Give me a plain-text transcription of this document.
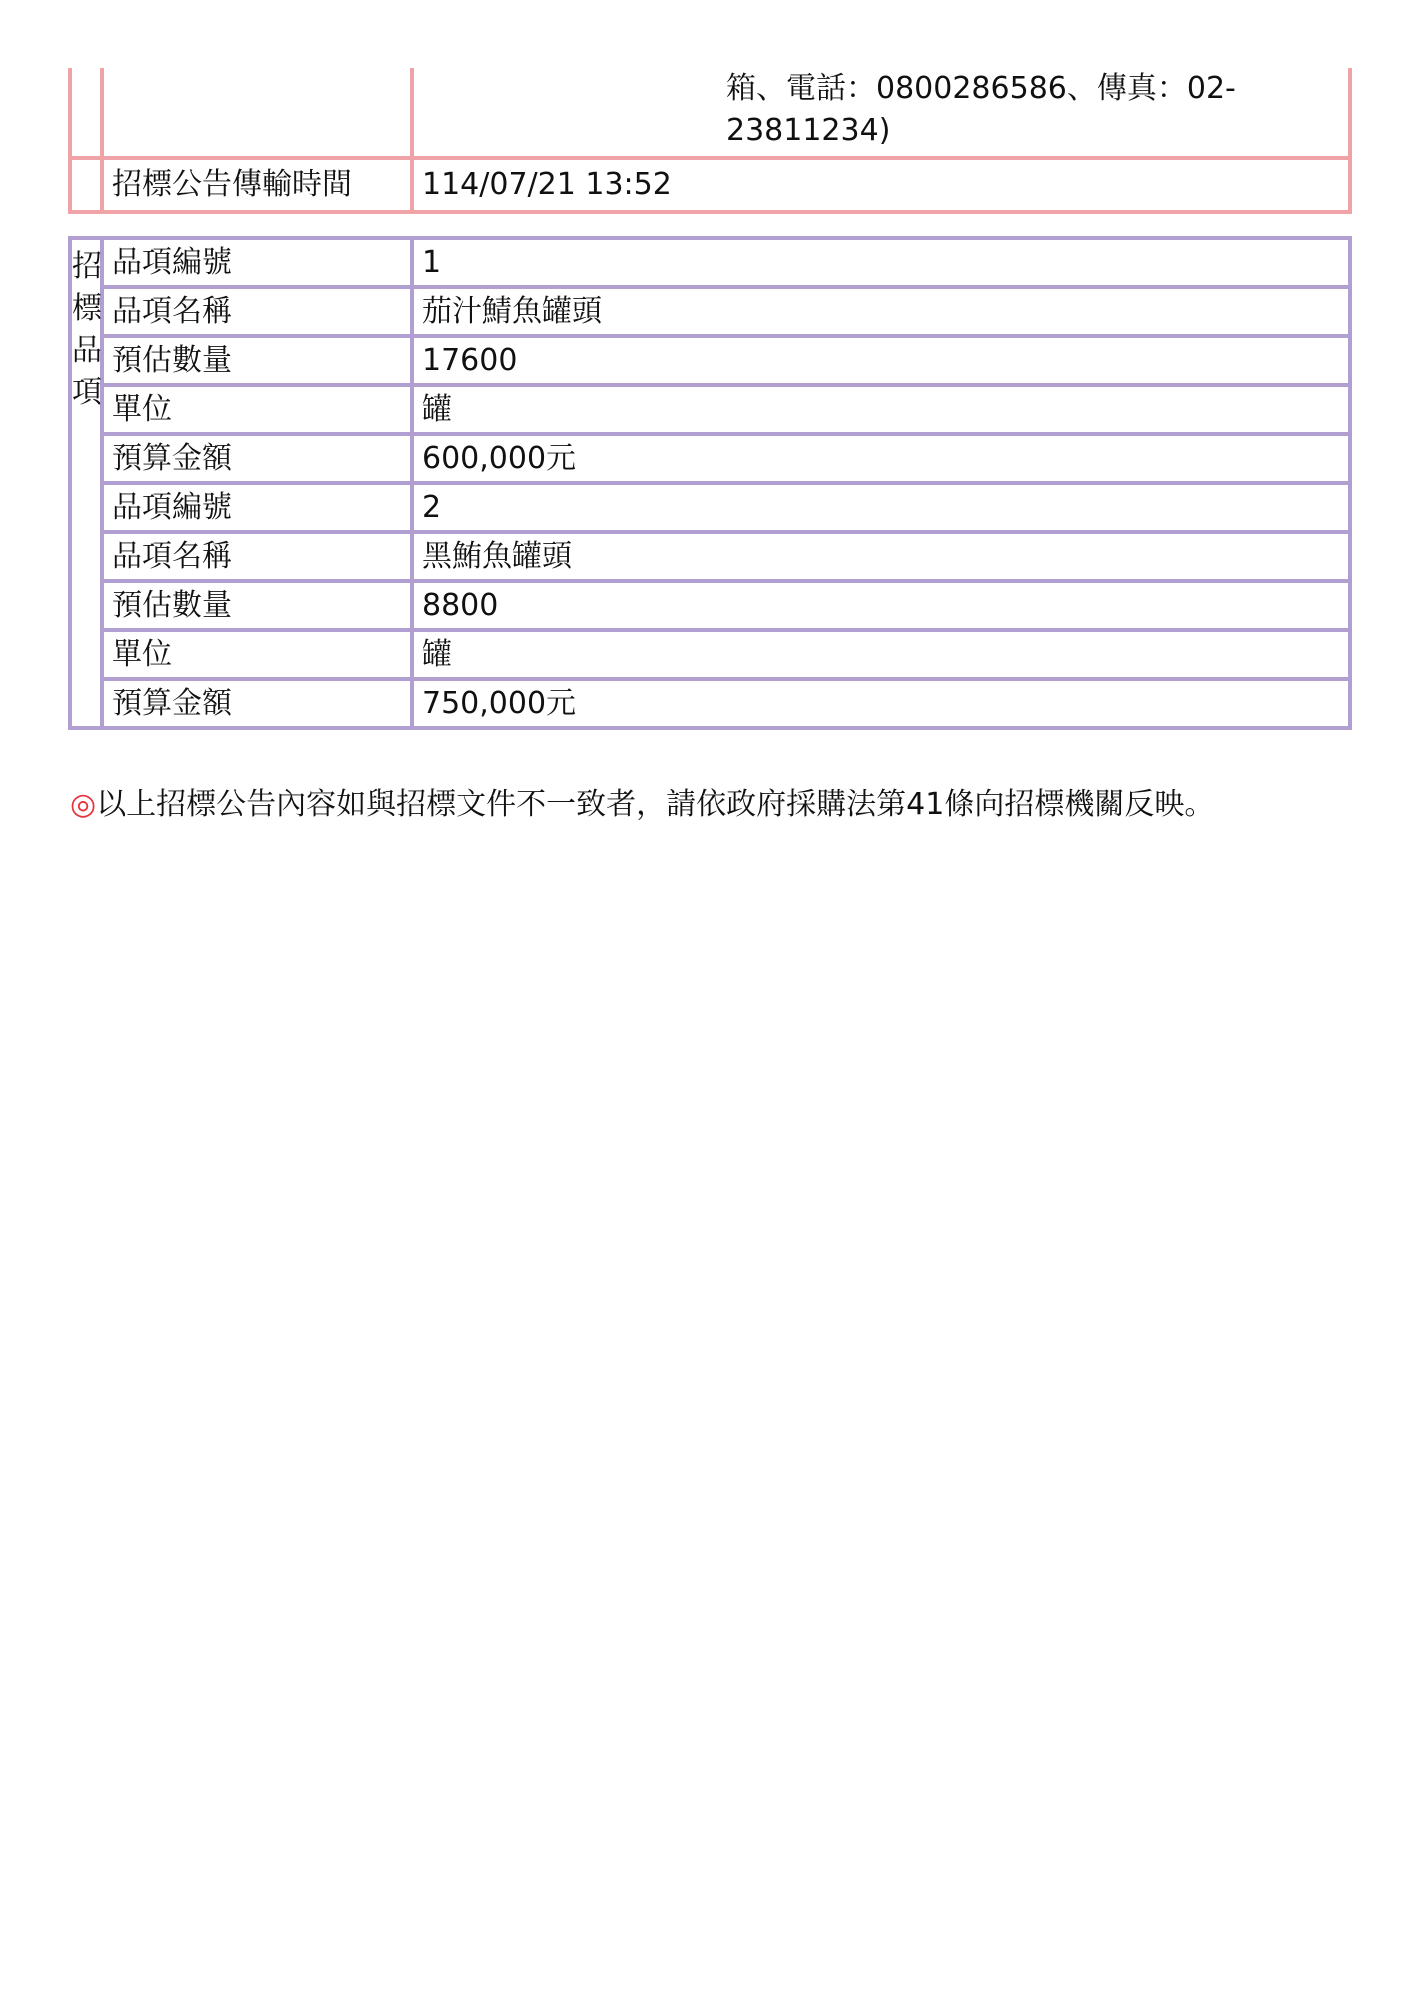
		箱、電話：0800286586、傳真：02-
23811234)

	招標公告傳輸時間	114/07/21 13:52
招標品項	品項編號	1
	品項名稱	茄汁鯖魚罐頭
	預估數量	17600
	單位	罐
	預算金額	600,000元
	品項編號	2
	品項名稱	黑鮪魚罐頭
	預估數量	8800
	單位	罐
	預算金額	750,000元
◎以上招標公告內容如與招標文件不一致者，請依政府採購法第41條向招標機關反映。
